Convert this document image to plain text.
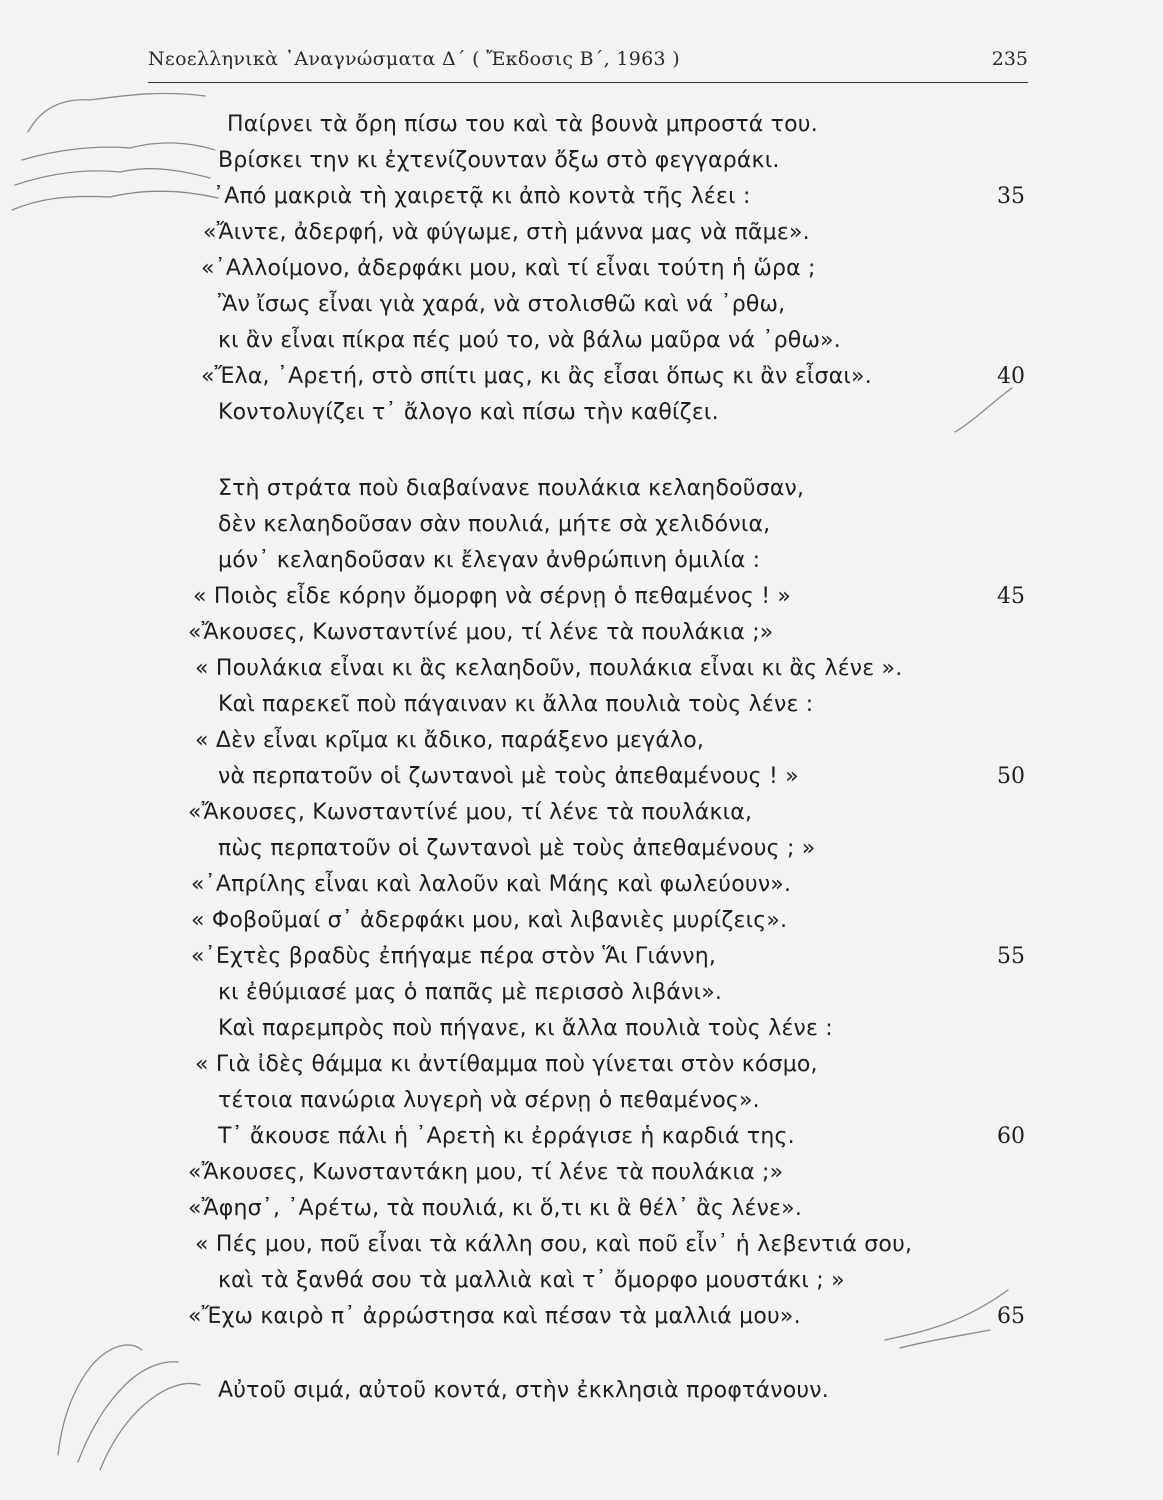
Νεοελληνικὰ ᾿Αναγνώσματα Δ΄ ( Ἔκδοσις Β΄, 1963 )	235
Παίρνει τὰ ὄρη πίσω του καὶ τὰ βουνὰ μπροστά του.
Βρίσκει την κι ἐχτενίζουνταν ὄξω στὸ φεγγαράκι.
᾿Από μακριὰ τὴ χαιρετᾷ κι ἀπὸ κοντὰ τῆς λέει :
«Ἄιντε, ἀδερφή, νὰ φύγωμε, στὴ μάννα μας νὰ πᾶμε».
«᾿Αλλοίμονο, ἀδερφάκι μου, καὶ τί εἶναι τούτη ἡ ὥρα ;
Ἂν ἴσως εἶναι γιὰ χαρά, νὰ στολισθῶ καὶ νά ᾿ρθω,
κι ἂν εἶναι πίκρα πές μού το, νὰ βάλω μαῦρα νά ᾿ρθω».
«Ἔλα, ᾿Αρετή, στὸ σπίτι μας, κι ἂς εἶσαι ὅπως κι ἂν εἶσαι».
Κοντολυγίζει τ᾿ ἄλογο καὶ πίσω τὴν καθίζει.
Στὴ στράτα ποὺ διαβαίνανε πουλάκια κελαηδοῦσαν,
δὲν κελαηδοῦσαν σὰν πουλιά, μήτε σὰ χελιδόνια,
μόν᾿ κελαηδοῦσαν κι ἔλεγαν ἀνθρώπινη ὁμιλία :
« Ποιὸς εἶδε κόρην ὄμορφη νὰ σέρνῃ ὁ πεθαμένος ! »
«Ἄκουσες, Κωνσταντίνέ μου, τί λένε τὰ πουλάκια ;»
« Πουλάκια εἶναι κι ἂς κελαηδοῦν, πουλάκια εἶναι κι ἂς λένε ».
Καὶ παρεκεῖ ποὺ πάγαιναν κι ἄλλα πουλιὰ τοὺς λένε :
« Δὲν εἶναι κρῖμα κι ἄδικο, παράξενο μεγάλο,
νὰ περπατοῦν οἱ ζωντανοὶ μὲ τοὺς ἀπεθαμένους ! »
«Ἄκουσες, Κωνσταντίνέ μου, τί λένε τὰ πουλάκια,
πὼς περπατοῦν οἱ ζωντανοὶ μὲ τοὺς ἀπεθαμένους ; »
«᾿Απρίλης εἶναι καὶ λαλοῦν καὶ Μάης καὶ φωλεύουν».
« Φοβοῦμαί σ᾿ ἀδερφάκι μου, καὶ λιβανιὲς μυρίζεις».
«᾿Εχτὲς βραδὺς ἐπήγαμε πέρα στὸν Ἅι Γιάννη,
κι ἐθύμιασέ μας ὁ παπᾶς μὲ περισσὸ λιβάνι».
Καὶ παρεμπρὸς ποὺ πήγανε, κι ἄλλα πουλιὰ τοὺς λένε :
« Γιὰ ἰδὲς θάμμα κι ἀντίθαμμα ποὺ γίνεται στὸν κόσμο,
τέτοια πανώρια λυγερὴ νὰ σέρνῃ ὁ πεθαμένος».
Τ᾿ ἄκουσε πάλι ἡ ᾿Αρετὴ κι ἐρράγισε ἡ καρδιά της.
«Ἄκουσες, Κωνσταντάκη μου, τί λένε τὰ πουλάκια ;»
«Ἄφησ᾿, ᾿Αρέτω, τὰ πουλιά, κι ὅ,τι κι ἂ θέλ᾿ ἂς λένε».
« Πές μου, ποῦ εἶναι τὰ κάλλη σου, καὶ ποῦ εἶν᾿ ἡ λεβεντιά σου,
καὶ τὰ ξανθά σου τὰ μαλλιὰ καὶ τ᾿ ὄμορφο μουστάκι ; »
«Ἔχω καιρὸ π᾿ ἀρρώστησα καὶ πέσαν τὰ μαλλιά μου».
Αὐτοῦ σιμά, αὐτοῦ κοντά, στὴν ἐκκλησιὰ προφτάνουν.
35
40
45
50
55
60
65
